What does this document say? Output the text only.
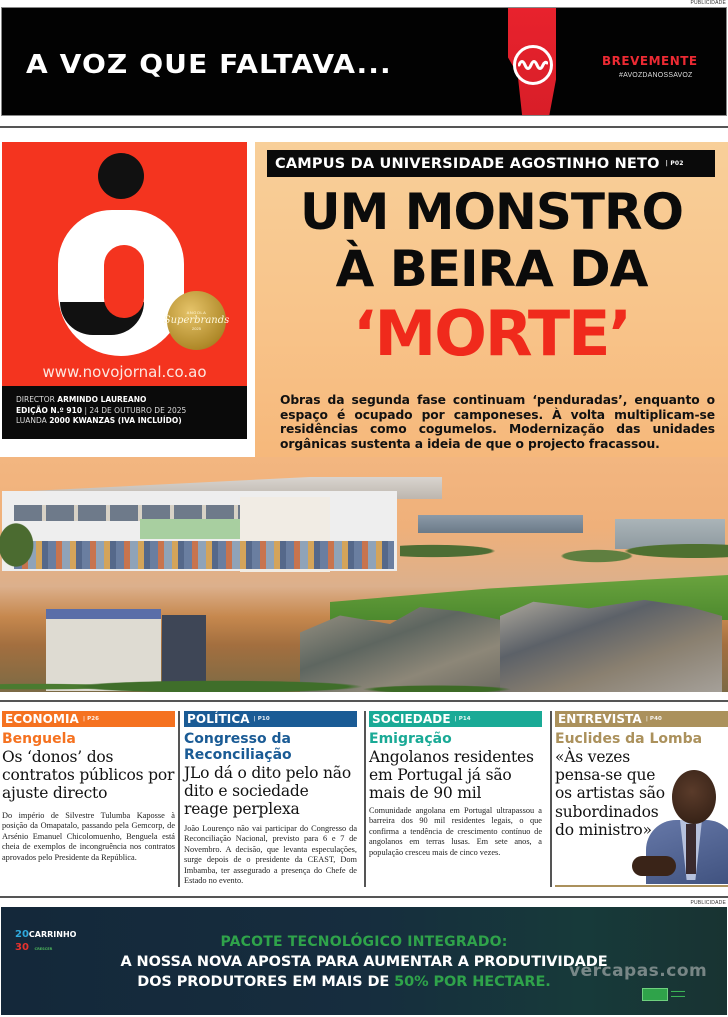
PUBLICIDADE
A VOZ QUE FALTAVA...	BREVEMENTE
#AVOZDANOSSAVOZ
ANGOLA
Superbrands
2025
www.novojornal.co.ao
DIRECTOR ARMINDO LAUREANO
EDIÇÃO N.º 910 | 24 DE OUTUBRO DE 2025
LUANDA 2000 KWANZAS (IVA INCLUÍDO)
CAMPUS DA UNIVERSIDADE AGOSTINHO NETO | P02
UM MONSTRO
À BEIRA DA
‘MORTE’
Obras da segunda fase continuam ‘penduradas’, enquanto o espaço é ocupado por camponeses. À volta multiplicam-se residências como cogumelos. Modernização das unidades orgânicas sustenta a ideia de que o projecto fracassou.
ECONOMIA | P26
Benguela
Os ‘donos’ dos contratos públicos por ajuste directo
Do império de Silvestre Tulumba Kaposse à posição da Omapatalo, passando pela Gemcorp, de Arsénio Emanuel Chicolomuenho, Benguela está cheia de exemplos de incongruência nos contratos aprovados pelo Presidente da República.
POLÍTICA | P10
Congresso da Reconciliação
JLo dá o dito pelo não dito e sociedade reage perplexa
João Lourenço não vai participar do Congresso da Reconciliação Nacional, previsto para 6 e 7 de Novembro. A decisão, que levanta especulações, surge depois de o presidente da CEAST, Dom Imbamba, ter assegurado a presença do Chefe de Estado no evento.
SOCIEDADE | P14
Emigração
Angolanos residentes em Portugal já são mais de 90 mil
Comunidade angolana em Portugal ultrapassou a barreira dos 90 mil residentes legais, o que confirma a tendência de crescimento contínuo de angolanos em terras lusas. Em sete anos, a população cresceu mais de cinco vezes.
ENTREVISTA | P40
Euclides da Lomba
«Às vezes pensa-se que os artistas são subordinados do ministro»
PUBLICIDADE
20CARRINHO
30 CRESCER	PACOTE TECNOLÓGICO INTEGRADO:
A NOSSA NOVA APOSTA PARA AUMENTAR A PRODUTIVIDADE
DOS PRODUTORES EM MAIS DE 50% POR HECTARE.
vercapas.com
▬▬▬▬
▬▬▬▬
